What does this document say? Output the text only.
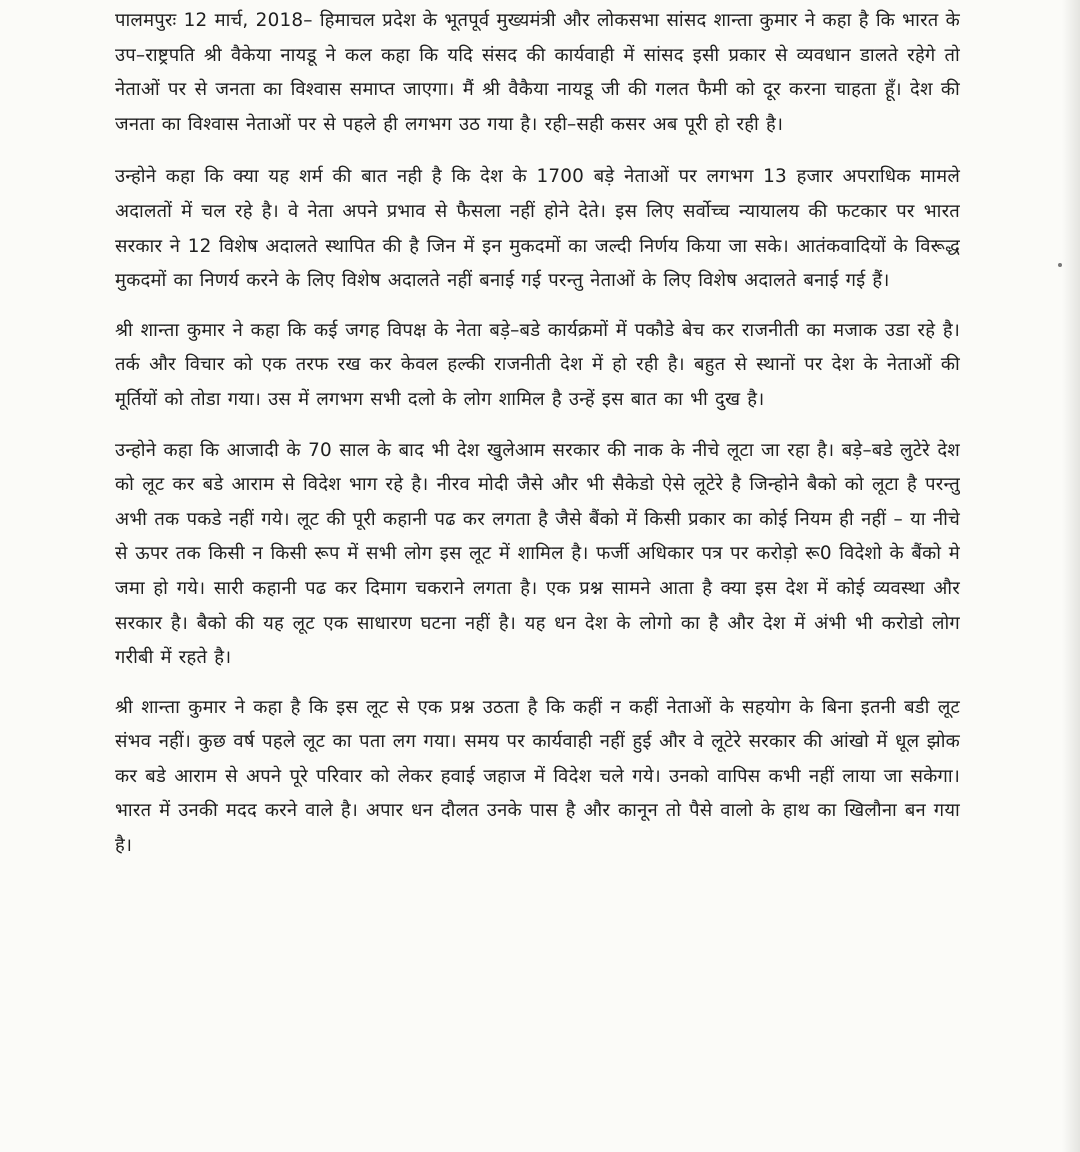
पालमपुरः 12 मार्च, 2018– हिमाचल प्रदेश के भूतपूर्व मुख्यमंत्री और लोकसभा सांसद शान्ता कुमार ने कहा है कि भारत के उप–राष्ट्रपति श्री वैकेया नायडू ने कल कहा कि यदि संसद की कार्यवाही में सांसद इसी प्रकार से व्यवधान डालते रहेगे तो नेताओं पर से जनता का विश्वास समाप्त जाएगा। मैं श्री वैकैया नायडू जी की गलत फैमी को दूर करना चाहता हूँ। देश की जनता का विश्वास नेताओं पर से पहले ही लगभग उठ गया है। रही–सही कसर अब पूरी हो रही है।

उन्होने कहा कि क्या यह शर्म की बात नही है कि देश के 1700 बड़े नेताओं पर लगभग 13 हजार अपराधिक मामले अदालतों में चल रहे है। वे नेता अपने प्रभाव से फैसला नहीं होने देते। इस लिए सर्वोच्च न्यायालय की फटकार पर भारत सरकार ने 12 विशेष अदालते स्थापित की है जिन में इन मुकदमों का जल्दी निर्णय किया जा सके। आतंकवादियों के विरूद्ध मुकदमों का निणर्य करने के लिए विशेष अदालते नहीं बनाई गई परन्तु नेताओं के लिए विशेष अदालते बनाई गई हैं।

श्री शान्ता कुमार ने कहा कि कई जगह विपक्ष के नेता बड़े–बडे कार्यक्रमों में पकौडे बेच कर राजनीती का मजाक उडा रहे है। तर्क और विचार को एक तरफ रख कर केवल हल्की राजनीती देश में हो रही है। बहुत से स्थानों पर देश के नेताओं की मूर्तियों को तोडा गया। उस में लगभग सभी दलो के लोग शामिल है उन्हें इस बात का भी दुख है।

उन्होने कहा कि आजादी के 70 साल के बाद भी देश खुलेआम सरकार की नाक के नीचे लूटा जा रहा है। बड़े–बडे लुटेरे देश को लूट कर बडे आराम से विदेश भाग रहे है। नीरव मोदी जैसे और भी सैकेडो ऐसे लूटेरे है जिन्होने बैको को लूटा है परन्तु अभी तक पकडे नहीं गये। लूट की पूरी कहानी पढ कर लगता है जैसे बैंको में किसी प्रकार का कोई नियम ही नहीं – या नीचे से ऊपर तक किसी न किसी रूप में सभी लोग इस लूट में शामिल है। फर्जी अधिकार पत्र पर करोड़ो रू0 विदेशो के बैंको मे जमा हो गये। सारी कहानी पढ कर दिमाग चकराने लगता है। एक प्रश्न सामने आता है क्या इस देश में कोई व्यवस्था और सरकार है। बैको की यह लूट एक साधारण घटना नहीं है। यह धन देश के लोगो का है और देश में अंभी भी करोडो लोग गरीबी में रहते है।

श्री शान्ता कुमार ने कहा है कि इस लूट से एक प्रश्न उठता है कि कहीं न कहीं नेताओं के सहयोग के बिना इतनी बडी लूट संभव नहीं। कुछ वर्ष पहले लूट का पता लग गया। समय पर कार्यवाही नहीं हुई और वे लूटेरे सरकार की आंखो में धूल झोक कर बडे आराम से अपने पूरे परिवार को लेकर हवाई जहाज में विदेश चले गये। उनको वापिस कभी नहीं लाया जा सकेगा। भारत में उनकी मदद करने वाले है। अपार धन दौलत उनके पास है और कानून तो पैसे वालो के हाथ का खिलौना बन गया है।
